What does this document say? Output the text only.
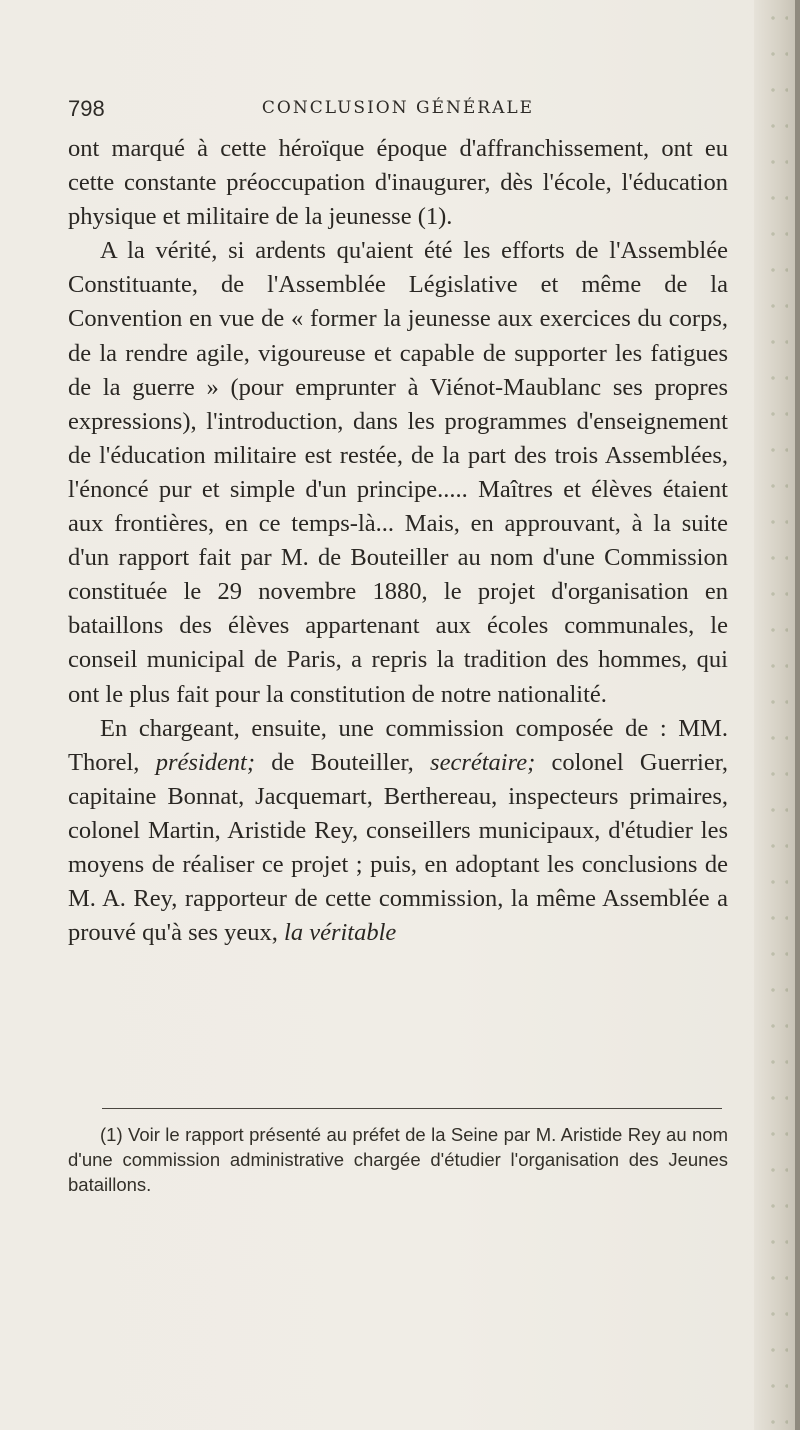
798	CONCLUSION GÉNÉRALE

ont marqué à cette héroïque époque d'affranchissement, ont eu cette constante préoccupation d'inaugurer, dès l'école, l'éducation physique et militaire de la jeunesse (1).

A la vérité, si ardents qu'aient été les efforts de l'Assemblée Constituante, de l'Assemblée Législative et même de la Convention en vue de « former la jeunesse aux exercices du corps, de la rendre agile, vigoureuse et capable de supporter les fatigues de la guerre » (pour emprunter à Viénot-Maublanc ses propres expressions), l'introduction, dans les programmes d'enseignement de l'éducation militaire est restée, de la part des trois Assemblées, l'énoncé pur et simple d'un principe..... Maîtres et élèves étaient aux frontières, en ce temps-là... Mais, en approuvant, à la suite d'un rapport fait par M. de Bouteiller au nom d'une Commission constituée le 29 novembre 1880, le projet d'organisation en bataillons des élèves appartenant aux écoles communales, le conseil municipal de Paris, a repris la tradition des hommes, qui ont le plus fait pour la constitution de notre nationalité.

En chargeant, ensuite, une commission composée de : MM. Thorel, président; de Bouteiller, secrétaire; colonel Guerrier, capitaine Bonnat, Jacquemart, Berthereau, inspecteurs primaires, colonel Martin, Aristide Rey, conseillers municipaux, d'étudier les moyens de réaliser ce projet ; puis, en adoptant les conclusions de M. A. Rey, rapporteur de cette commission, la même Assemblée a prouvé qu'à ses yeux, la véritable

(1) Voir le rapport présenté au préfet de la Seine par M. Aristide Rey au nom d'une commission administrative chargée d'étudier l'organisation des Jeunes bataillons.
